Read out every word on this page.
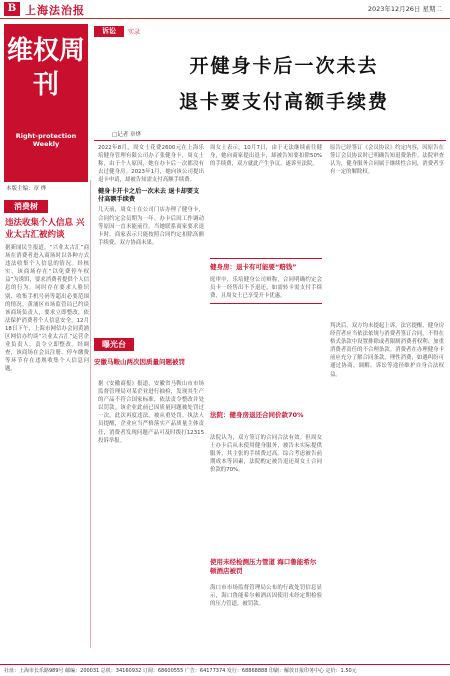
B 上海法治报	2023年12月26日 星期二
维权周刊
Right-protection Weekly
本版主编：章 烨
消费树
违法收集个人信息 兴业太古汇被约谈
据新闻民生报道，“兴业太古汇”商场在消费者进入商场时以各种方式违法收集个人信息的情况。经核实，该商场存在“以免费停车权益”为诱饵，要求消费者提供个人信息的行为。同时存在要求人脸识别、收集手机号码等超出必要范围的情况。黄浦区市场监管局已约谈该商场负责人，要求立即整改，依法保护消费者个人信息安全。12月18日下午，上海市网信办会同黄浦区网信办约谈“兴业太古汇”运营企业负责人，责令立即整改。经调查，该商场在会员注册、停车缴费等环节存在违规收集个人信息问题。
诉讼	实录
开健身卡后一次未去
退卡要支付高额手续费
□记者 章烨
2022年8月，周女士花费2600元在上海乐培健身管理有限公司办了张健身卡，周女士称，由于个人原因，她在办卡后一次都没有去过健身房。2023年1月，她向该公司提出退卡申请，却被告知需支付高额手续费。
健身卡开卡之后一次未去 退卡却要支付高额手续费
几天前，周女士在公司门店办理了健身卡，合同约定会员期为一年。办卡后因工作调动等原因一直未能前往。当她联系商家要求退卡时，商家表示只能按照合同约定扣除高额手续费，双方协商未果。
周女士表示，10月7日，由于无法继续前往健身，她向商家提出退卡，却被告知要扣除50%的手续费，双方就此产生争议，遂诉至法院。
健身房：退卡有可能要“赔钱”
庭审中，乐培健身公司辩称，合同明确约定会员卡一经售出不予退还，如需转卡需支付手续费，且周女士已享受开卡优惠。
法院：健身房退还合同价款70%
法院认为，双方签订的合同合法有效。但周女士办卡后从未使用健身服务，被告未实际提供服务，其主张的手续费过高。综合考虑被告前期成本等因素，法院酌定被告退还周女士合同价款的70%。
使用未经检测压力管道 海口鲁能希尔顿酒店被罚
海口市市场监督管理局公布的行政处罚信息显示，海口鲁能希尔顿酒店因使用未经定期检验的压力管道，被罚款。
原告已经签订《会员协议》约定内容，因原告在签订会员协议时已明确告知退费条件。法院审查认为，健身服务合同属于继续性合同，消费者享有一定的解除权。
判决后，双方均未提起上诉。法官提醒，健身房经营者应当依法依规与消费者签订合同，不得在格式条款中设置排除或者限制消费者权利、加重消费者责任的不合理条款。消费者在办理健身卡前应充分了解合同条款，理性消费，如遇纠纷可通过协商、调解、诉讼等途径维护自身合法权益。
曝光台
安徽马鞍山两次因质量问题被罚
据《安徽商报》报道，安徽省马鞍山市市场监督管理局对某企业进行抽检，发现其生产的产品不符合国家标准，依法责令整改并处以罚款。该企业此前已因质量问题被处罚过一次，此次再度违法，被从重处罚。执法人员提醒，企业应当严格落实产品质量主体责任，消费者发现问题产品可及时拨打12315投诉举报。
社址：上海市长乐路989号 邮编：200031 总机：34160932 订阅：68600555 广告：64177374 发行：68868888 印刷：解放日报印务中心 定价：1.50元
